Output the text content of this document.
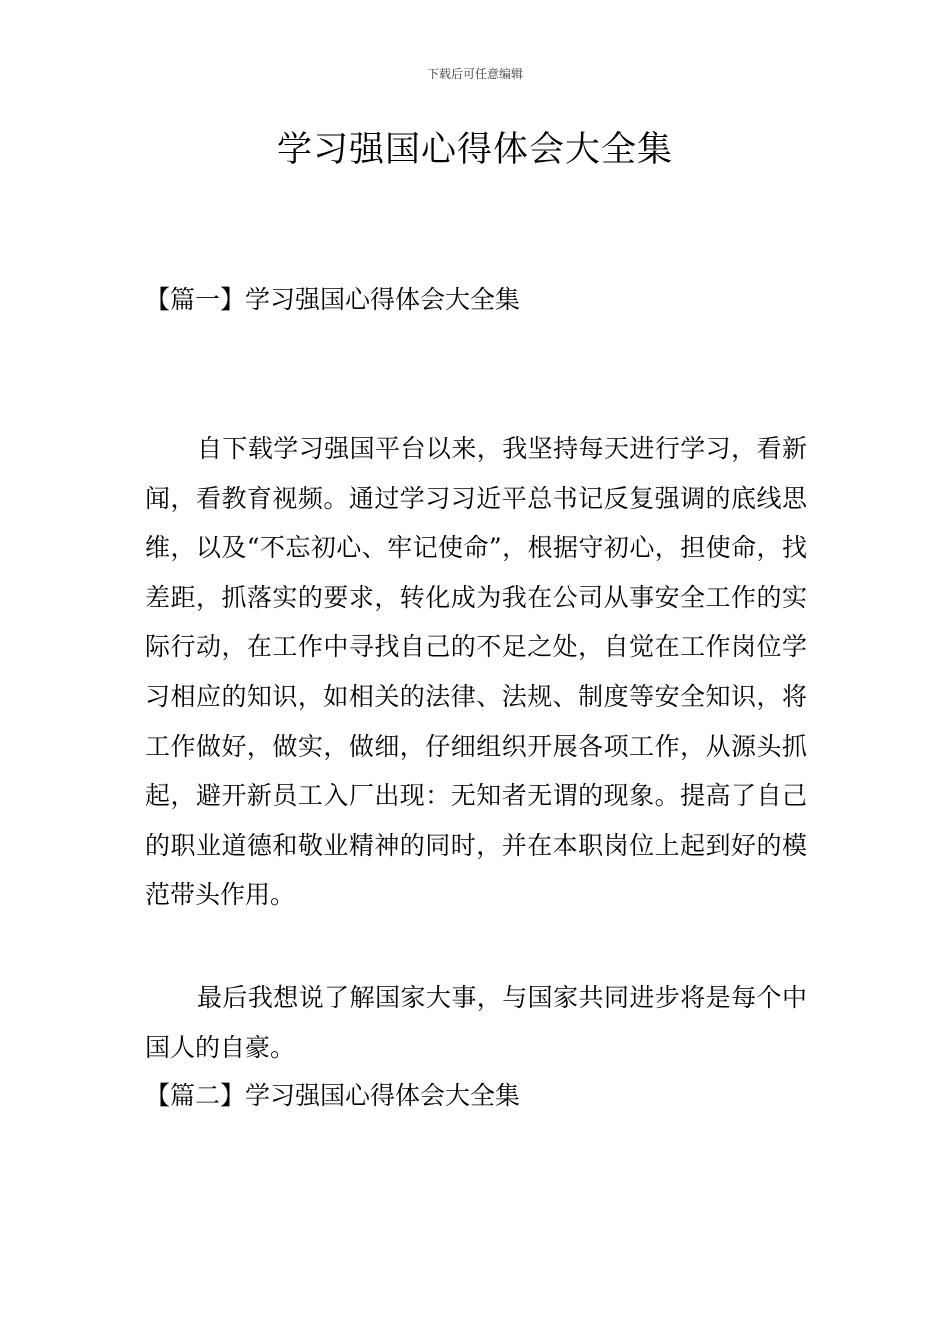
下载后可任意编辑
学习强国心得体会大全集
【篇一】学习强国心得体会大全集

自下载学习强国平台以来，我坚持每天进行学习，看新闻，看教育视频。通过学习习近平总书记反复强调的底线思维，以及“不忘初心、牢记使命”，根据守初心，担使命，找差距，抓落实的要求，转化成为我在公司从事安全工作的实际行动，在工作中寻找自己的不足之处，自觉在工作岗位学习相应的知识，如相关的法律、法规、制度等安全知识，将工作做好，做实，做细，仔细组织开展各项工作，从源头抓起，避开新员工入厂出现：无知者无谓的现象。提高了自己的职业道德和敬业精神的同时，并在本职岗位上起到好的模范带头作用。

最后我想说了解国家大事，与国家共同进步将是每个中国人的自豪。

【篇二】学习强国心得体会大全集
